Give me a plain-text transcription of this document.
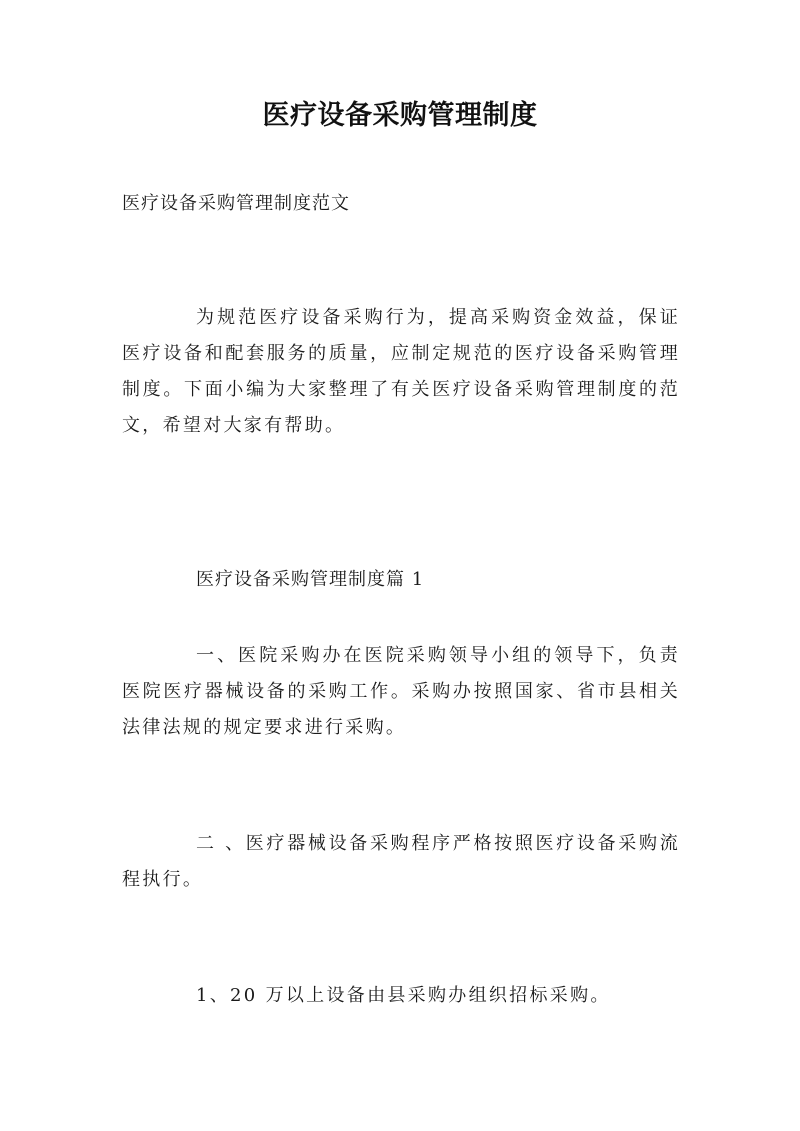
医疗设备采购管理制度
医疗设备采购管理制度范文
为规范医疗设备采购行为，提高采购资金效益，保证医疗设备和配套服务的质量，应制定规范的医疗设备采购管理制度。下面小编为大家整理了有关医疗设备采购管理制度的范文，希望对大家有帮助。
医疗设备采购管理制度篇 1
一、医院采购办在医院采购领导小组的领导下，负责医院医疗器械设备的采购工作。采购办按照国家、省市县相关法律法规的规定要求进行采购。
二 、医疗器械设备采购程序严格按照医疗设备采购流程执行。
1、20 万以上设备由县采购办组织招标采购。
